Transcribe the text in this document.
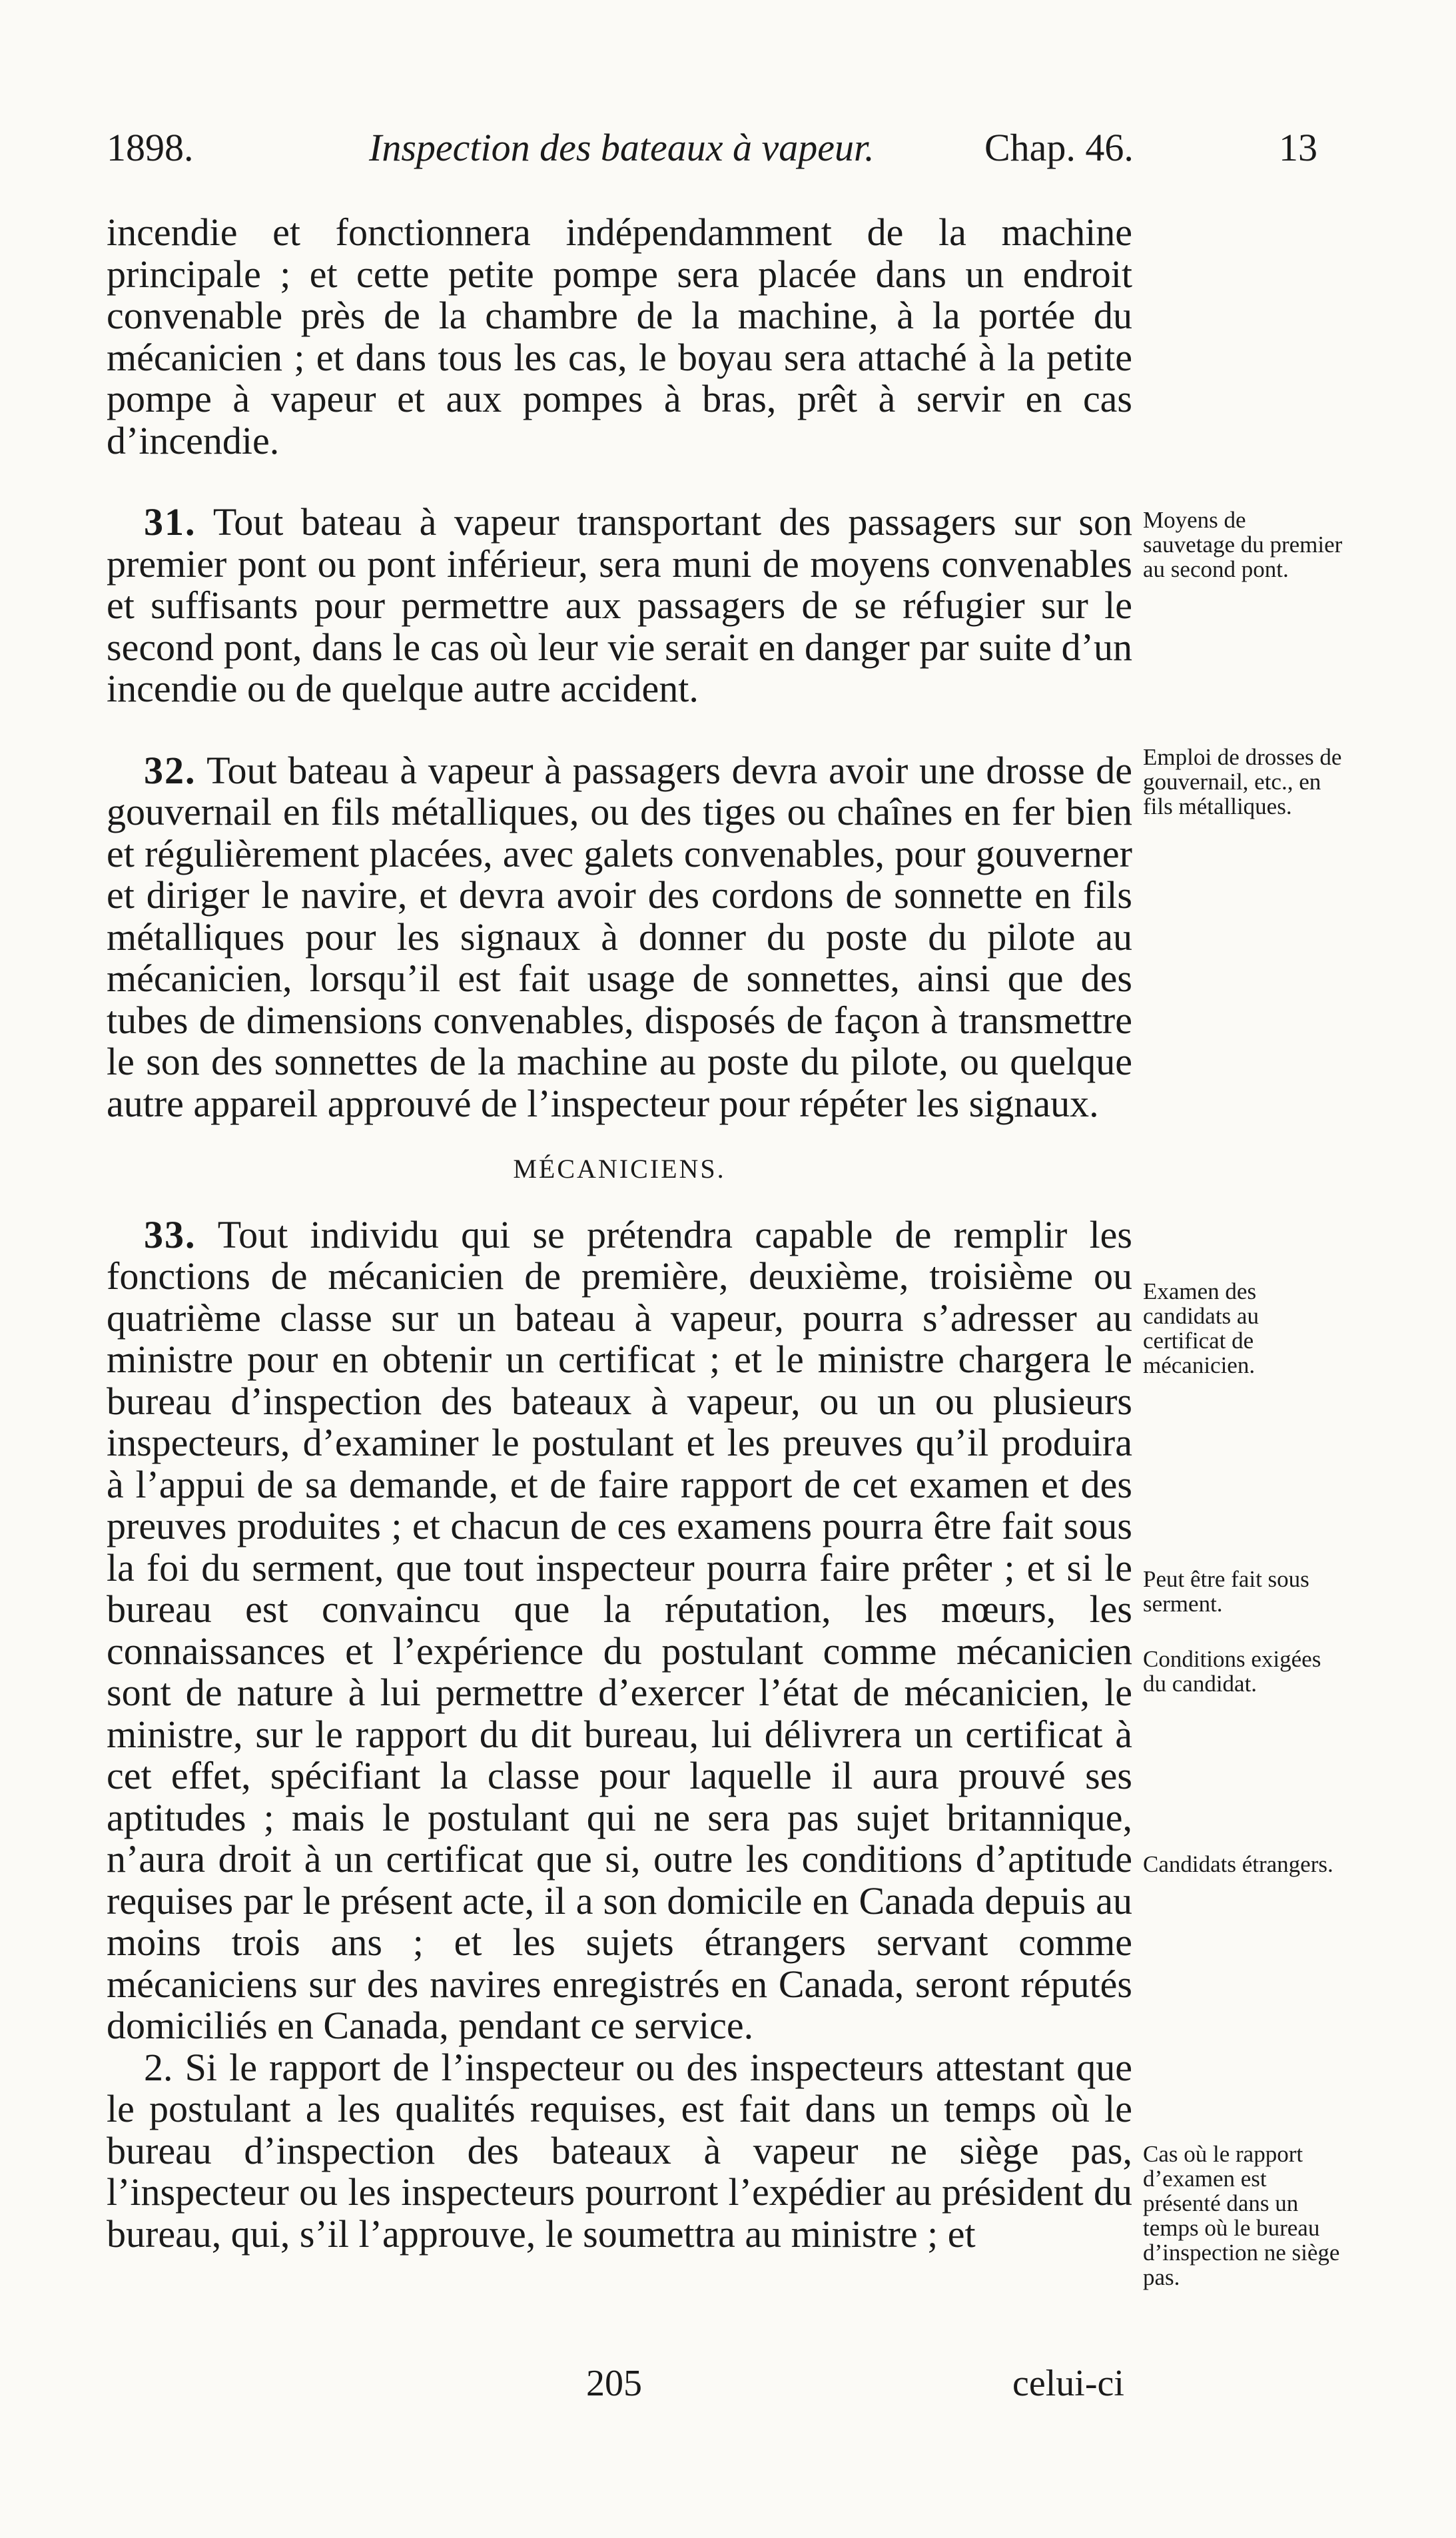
1898.	Inspection des bateaux à vapeur.	Chap. 46.	13

incendie et fonctionnera indépendamment de la machine principale ; et cette petite pompe sera placée dans un endroit convenable près de la chambre de la machine, à la portée du mécanicien ; et dans tous les cas, le boyau sera attaché à la petite pompe à vapeur et aux pompes à bras, prêt à servir en cas d’incendie.

31. Tout bateau à vapeur transportant des passagers sur son premier pont ou pont inférieur, sera muni de moyens convenables et suffisants pour permettre aux passagers de se réfugier sur le second pont, dans le cas où leur vie serait en danger par suite d’un incendie ou de quelque autre accident.

32. Tout bateau à vapeur à passagers devra avoir une drosse de gouvernail en fils métalliques, ou des tiges ou chaînes en fer bien et régulièrement placées, avec galets convenables, pour gouverner et diriger le navire, et devra avoir des cordons de sonnette en fils métalliques pour les signaux à donner du poste du pilote au mécanicien, lorsqu’il est fait usage de sonnettes, ainsi que des tubes de dimensions convenables, disposés de façon à transmettre le son des sonnettes de la machine au poste du pilote, ou quelque autre appareil approuvé de l’inspecteur pour répéter les signaux.

MÉCANICIENS.

33. Tout individu qui se prétendra capable de remplir les fonctions de mécanicien de première, deuxième, troisième ou quatrième classe sur un bateau à vapeur, pourra s’adresser au ministre pour en obtenir un certificat ; et le ministre chargera le bureau d’inspection des bateaux à vapeur, ou un ou plusieurs inspecteurs, d’examiner le postulant et les preuves qu’il produira à l’appui de sa demande, et de faire rapport de cet examen et des preuves produites ; et chacun de ces examens pourra être fait sous la foi du serment, que tout inspecteur pourra faire prêter ; et si le bureau est convaincu que la réputation, les mœurs, les connaissances et l’expérience du postulant comme mécanicien sont de nature à lui permettre d’exercer l’état de mécanicien, le ministre, sur le rapport du dit bureau, lui délivrera un certificat à cet effet, spécifiant la classe pour laquelle il aura prouvé ses aptitudes ; mais le postulant qui ne sera pas sujet britannique, n’aura droit à un certificat que si, outre les conditions d’aptitude requises par le présent acte, il a son domicile en Canada depuis au moins trois ans ; et les sujets étrangers servant comme mécaniciens sur des navires enregistrés en Canada, seront réputés domiciliés en Canada, pendant ce service.

2. Si le rapport de l’inspecteur ou des inspecteurs attestant que le postulant a les qualités requises, est fait dans un temps où le bureau d’inspection des bateaux à vapeur ne siège pas, l’inspecteur ou les inspecteurs pourront l’expédier au président du bureau, qui, s’il l’approuve, le soumettra au ministre ; et

Moyens de sauvetage du premier au second pont.
Emploi de drosses de gouvernail, etc., en fils métalliques.
Examen des candidats au certificat de mécanicien.
Peut être fait sous serment.
Conditions exigées du candidat.
Candidats étrangers.
Cas où le rapport d’examen est présenté dans un temps où le bureau d’inspection ne siège pas.
205	celui-ci
